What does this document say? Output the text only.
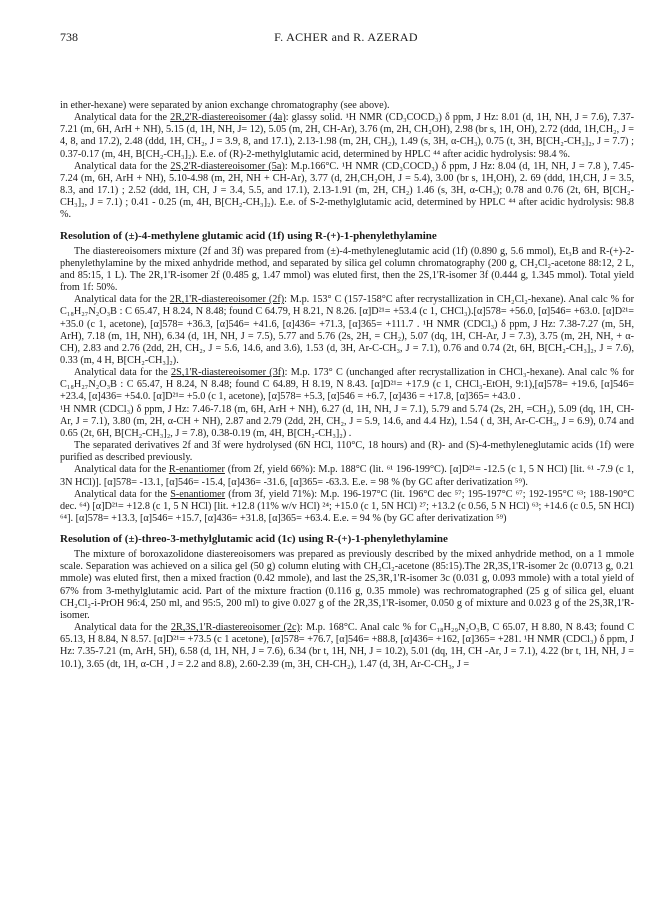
738	F. ACHER and R. AZERAD

in ether-hexane) were separated by anion exchange chromatography (see above).

Analytical data for the 2R,2'R-diastereoisomer (4a): glassy solid. ¹H NMR (CD₃COCD₃) δ ppm, J Hz: 8.01 (d, 1H, NH, J = 7.6), 7.37-7.21 (m, 6H, ArH + NH), 5.15 (d, 1H, NH, J= 12), 5.05 (m, 2H, CH-Ar), 3.76 (m, 2H, CH₂OH), 2.98 (br s, 1H, OH), 2.72 (ddd, 1H,CH₂, J = 4, 8, and 17.2), 2.48 (ddd, 1H, CH₂, J = 3.9, 8, and 17.1), 2.13-1.98 (m, 2H, CH₂), 1.49 (s, 3H, α-CH₃), 0.75 (t, 3H, B[CH₂-CH₃]₂, J = 7.7) ; 0.37-0.17 (m, 4H, B[CH₂-CH₃]₂). E.e. of (R)-2-methylglutamic acid, determined by HPLC ⁴⁴ after acidic hydrolysis: 98.4 %.

Analytical data for the 2S,2'R-diastereoisomer (5a): M.p.166°C. ¹H NMR (CD₃COCD₃) δ ppm, J Hz: 8.04 (d, 1H, NH, J = 7.8 ), 7.45-7.24 (m, 6H, ArH + NH), 5.10-4.98 (m, 2H, NH + CH-Ar), 3.77 (d, 2H,CH₂OH, J = 5.4), 3.00 (br s, 1H,OH), 2. 69 (ddd, 1H,CH, J = 3.5, 8.3, and 17.1) ; 2.52 (ddd, 1H, CH, J = 3.4, 5.5, and 17.1), 2.13-1.91 (m, 2H, CH₂) 1.46 (s, 3H, α-CH₃); 0.78 and 0.76 (2t, 6H, B[CH₂-CH₃]₂, J = 7.1) ; 0.41 - 0.25 (m, 4H, B[CH₂-CH₃]₂). E.e. of S-2-methylglutamic acid, determined by HPLC ⁴⁴ after acidic hydrolysis: 98.8 %.

Resolution of (±)-4-methylene glutamic acid (1f) using R-(+)-1-phenylethylamine

The diastereoisomers mixture (2f and 3f) was prepared from (±)-4-methyleneglutamic acid (1f) (0.890 g, 5.6 mmol), Et₃B and R-(+)-2-phenylethylamine by the mixed anhydride method, and separated by silica gel column chromatography (200 g, CH₂Cl₂-acetone 88:12, 2 L, and 85:15, 1 L). The 2R,1'R-isomer 2f (0.485 g, 1.47 mmol) was eluted first, then the 2S,1'R-isomer 3f (0.444 g, 1.345 mmol). Total yield from 1f: 50%.

Analytical data for the 2R,1'R-diastereoisomer (2f): M.p. 153° C (157-158°C after recrystallization in CH₂Cl₂-hexane). Anal calc % for C₁₈H₂₇N₂O₃B : C 65.47, H 8.24, N 8.48; found C 64.79, H 8.21, N 8.26. [α]D²¹= +53.4 (c 1, CHCl₃).[α]578= +56.0, [α]546= +63.0. [α]D²¹= +35.0 (c 1, acetone), [α]578= +36.3, [α]546= +41.6, [α]436= +71.3, [α]365= +111.7 . ¹H NMR (CDCl₃) δ ppm, J Hz: 7.38-7.27 (m, 5H, ArH), 7.18 (m, 1H, NH), 6.34 (d, 1H, NH, J = 7.5), 5.77 and 5.76 (2s, 2H, = CH₂), 5.07 (dq, 1H, CH-Ar, J = 7.3), 3.75 (m, 2H, NH, + α-CH), 2.83 and 2.76 (2dd, 2H, CH₂, J = 5.6, 14.6, and 3.6), 1.53 (d, 3H, Ar-C-CH₃, J = 7.1), 0.76 and 0.74 (2t, 6H, B[CH₂-CH₃]₂, J = 7.6), 0.33 (m, 4 H, B[CH₂-CH₃]₂).

Analytical data for the 2S,1'R-diastereoisomer (3f): M.p. 173° C (unchanged after recrystallization in CHCl₃-hexane). Anal calc % for C₁₈H₂₇N₂O₃B : C 65.47, H 8.24, N 8.48; found C 64.89, H 8.19, N 8.43. [α]D²¹= +17.9 (c 1, CHCl₃-EtOH, 9:1),[α]578= +19.6, [α]546= +23.4, [α]436= +54.0. [α]D²¹= +5.0 (c 1, acetone), [α]578= +5.3, [α]546 = +6.7, [α]436 = +17.8, [α]365= +43.0 .

¹H NMR (CDCl₃) δ ppm, J Hz: 7.46-7.18 (m, 6H, ArH + NH), 6.27 (d, 1H, NH, J = 7.1), 5.79 and 5.74 (2s, 2H, =CH₂), 5.09 (dq, 1H, CH-Ar, J = 7.1), 3.80 (m, 2H, α-CH + NH), 2.87 and 2.79 (2dd, 2H, CH₂, J = 5.9, 14.6, and 4.4 Hz), 1.54 ( d, 3H, Ar-C-CH₃, J = 6.9), 0.74 and 0.65 (2t, 6H, B[CH₂-CH₃]₂, J = 7.8), 0.38-0.19 (m, 4H, B[CH₂-CH₃]₂) .

The separated derivatives 2f and 3f were hydrolysed (6N HCl, 110°C, 18 hours) and (R)- and (S)-4-methyleneglutamic acids (1f) were purified as described previously.

Analytical data for the R-enantiomer (from 2f, yield 66%): M.p. 188°C (lit. ⁶¹ 196-199°C). [α]D²¹= -12.5 (c 1, 5 N HCl) [lit. ⁶¹ -7.9 (c 1, 3N HCl)]. [α]578= -13.1, [α]546= -15.4, [α]436= -31.6, [α]365= -63.3. E.e. = 98 % (by GC after derivatization ⁵⁹).

Analytical data for the S-enantiomer (from 3f, yield 71%): M.p. 196-197°C (lit. 196°C dec ⁵⁷; 195-197°C ⁶⁷; 192-195°C ⁶³; 188-190°C dec. ⁶⁴) [α]D²¹= +12.8 (c 1, 5 N HCl) [lit. +12.8 (11% w/v HCl) ²⁴; +15.0 (c 1, 5N HCl) ²⁷; +13.2 (c 0.56, 5 N HCl) ⁶³; +14.6 (c 0.5, 5N HCl) ⁶⁴]. [α]578= +13.3, [α]546= +15.7, [α]436= +31.8, [α]365= +63.4. E.e. = 94 % (by GC after derivatization ⁵⁹)

Resolution of (±)-threo-3-methylglutamic acid (1c) using R-(+)-1-phenylethylamine

The mixture of boroxazolidone diastereoisomers was prepared as previously described by the mixed anhydride method, on a 1 mmole scale. Separation was achieved on a silica gel (50 g) column eluting with CH₂Cl₂-acetone (85:15).The 2R,3S,1'R-isomer 2c (0.0713 g, 0.21 mmole) was eluted first, then a mixed fraction (0.42 mmole), and last the 2S,3R,1'R-isomer 3c (0.031 g, 0.093 mmole) with a total yield of 67% from 3-methylglutamic acid. Part of the mixture fraction (0.116 g, 0.35 mmole) was rechromatographed (25 g of silica gel, eluant CH₂Cl₂-i-PrOH 96:4, 250 ml, and 95:5, 200 ml) to give 0.027 g of the 2R,3S,1'R-isomer, 0.050 g of mixture and 0.023 g of the 2S,3R,1'R-isomer.

Analytical data for the 2R,3S,1'R-diastereoisomer (2c): M.p. 168°C. Anal calc % for C₁₈H₂₉N₂O₃B, C 65.07, H 8.80, N 8.43; found C 65.13, H 8.84, N 8.57. [α]D²¹= +73.5 (c 1 acetone), [α]578= +76.7, [α]546= +88.8, [α]436= +162, [α]365= +281. ¹H NMR (CDCl₃) δ ppm, J Hz: 7.35-7.21 (m, ArH, 5H), 6.58 (d, 1H, NH, J = 7.6), 6.34 (br t, 1H, NH, J = 10.2), 5.01 (dq, 1H, CH -Ar, J = 7.1), 4.22 (br t, 1H, NH, J = 10.1), 3.65 (dt, 1H, α-CH , J = 2.2 and 8.8), 2.60-2.39 (m, 3H, CH-CH₂), 1.47 (d, 3H, Ar-C-CH₃, J =
